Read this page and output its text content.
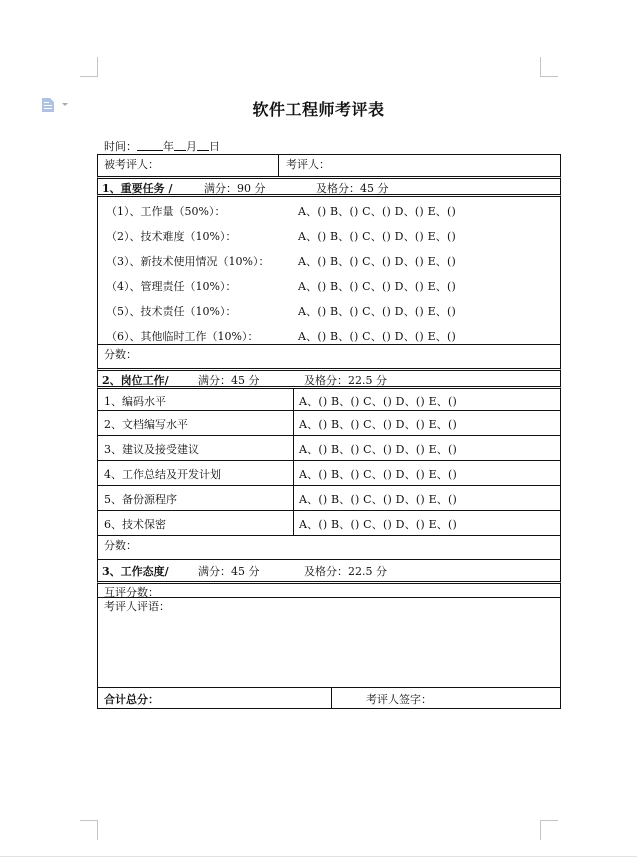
软件工程师考评表
时间： 年 月 日
被考评人：	考评人：
1、重要任务 /	满分：90 分	及格分：45 分
（1）、工作量（50%）：	A、() B、() C、() D、() E、()
（2）、技术难度（10%）：	A、() B、() C、() D、() E、()
（3）、新技术使用情况（10%）：	A、() B、() C、() D、() E、()
（4）、管理责任（10%）：	A、() B、() C、() D、() E、()
（5）、技术责任（10%）：	A、() B、() C、() D、() E、()
（6）、其他临时工作（10%）：	A、() B、() C、() D、() E、()
分数：
2、岗位工作/	满分：45 分	及格分：22.5 分
1、编码水平	A、() B、() C、() D、() E、()
2、文档编写水平	A、() B、() C、() D、() E、()
3、建议及接受建议	A、() B、() C、() D、() E、()
4、工作总结及开发计划	A、() B、() C、() D、() E、()
5、备份源程序	A、() B、() C、() D、() E、()
6、技术保密	A、() B、() C、() D、() E、()
分数：
3、工作态度/	满分：45 分	及格分：22.5 分
互评分数：
考评人评语：
合计总分：	考评人签字：
